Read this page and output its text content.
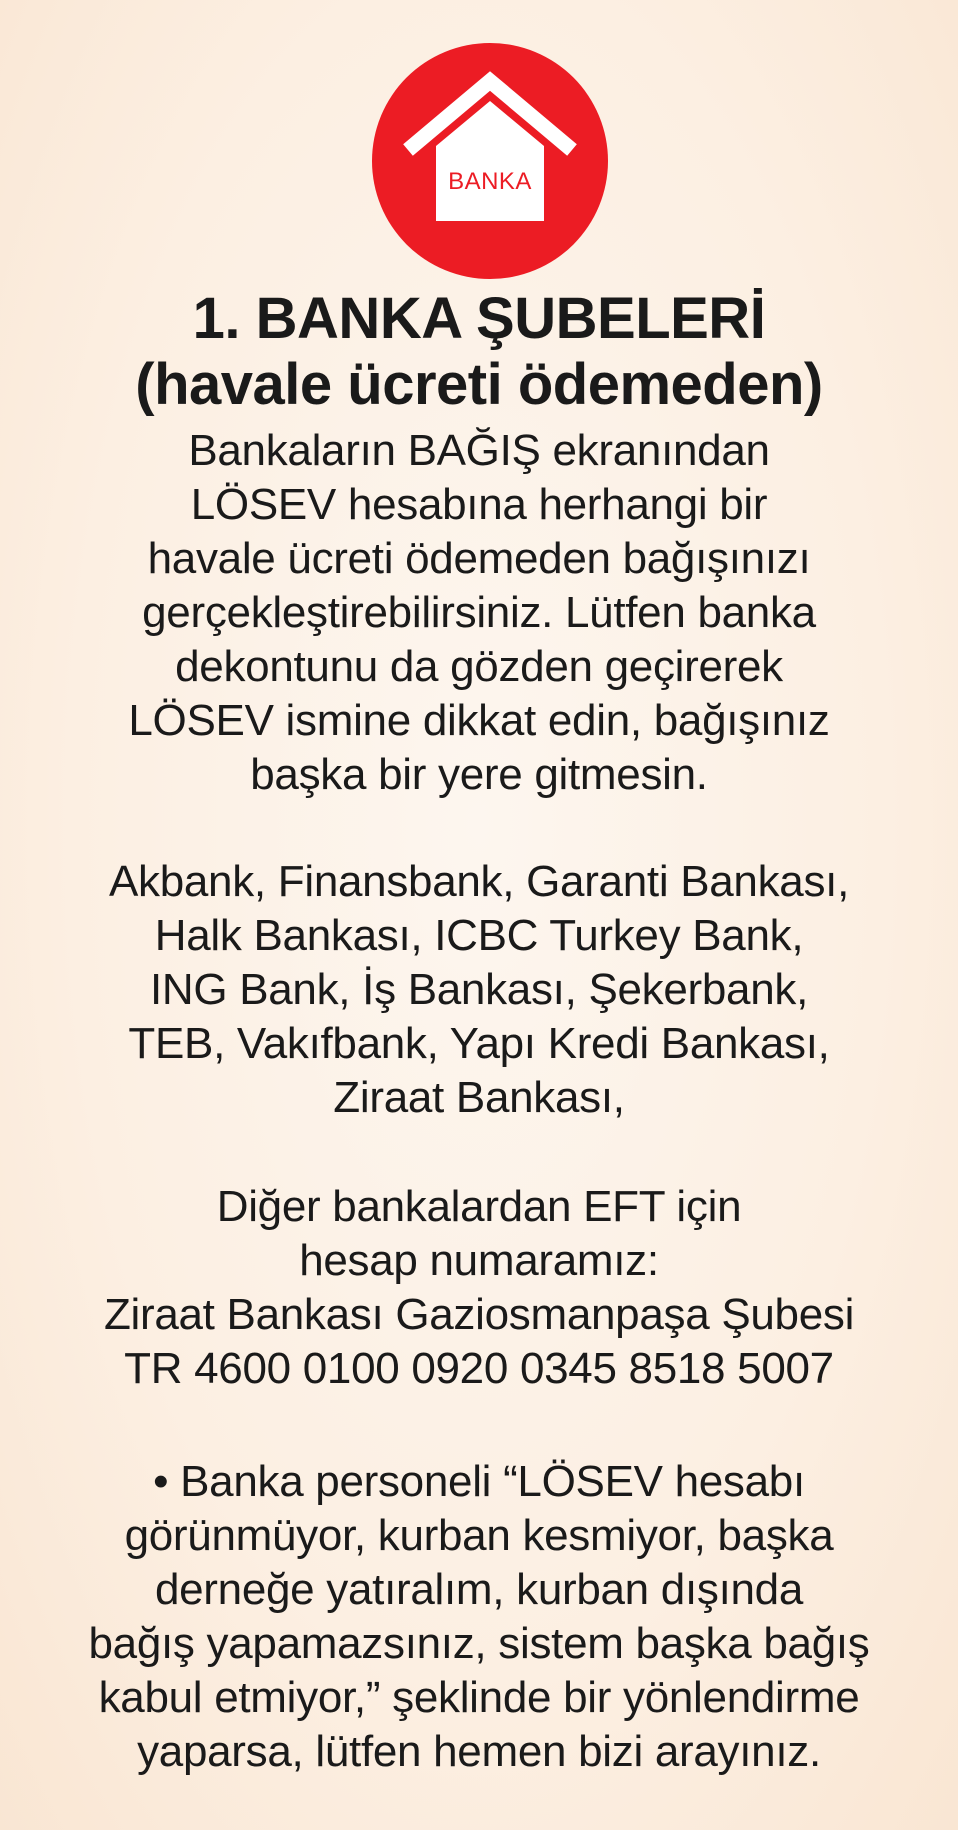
BANKA
1. BANKA ŞUBELERİ
(havale ücreti ödemeden)

Bankaların BAĞIŞ ekranından
LÖSEV hesabına herhangi bir
havale ücreti ödemeden bağışınızı
gerçekleştirebilirsiniz. Lütfen banka
dekontunu da gözden geçirerek
LÖSEV ismine dikkat edin, bağışınız
başka bir yere gitmesin.

Akbank, Finansbank, Garanti Bankası,
Halk Bankası, ICBC Turkey Bank,
ING Bank, İş Bankası, Şekerbank,
TEB, Vakıfbank, Yapı Kredi Bankası,
Ziraat Bankası,

Diğer bankalardan EFT için
hesap numaramız:
Ziraat Bankası Gaziosmanpaşa Şubesi
TR 4600 0100 0920 0345 8518 5007

• Banka personeli “LÖSEV hesabı
görünmüyor, kurban kesmiyor, başka
derneğe yatıralım, kurban dışında
bağış yapamazsınız, sistem başka bağış
kabul etmiyor,” şeklinde bir yönlendirme
yaparsa, lütfen hemen bizi arayınız.
